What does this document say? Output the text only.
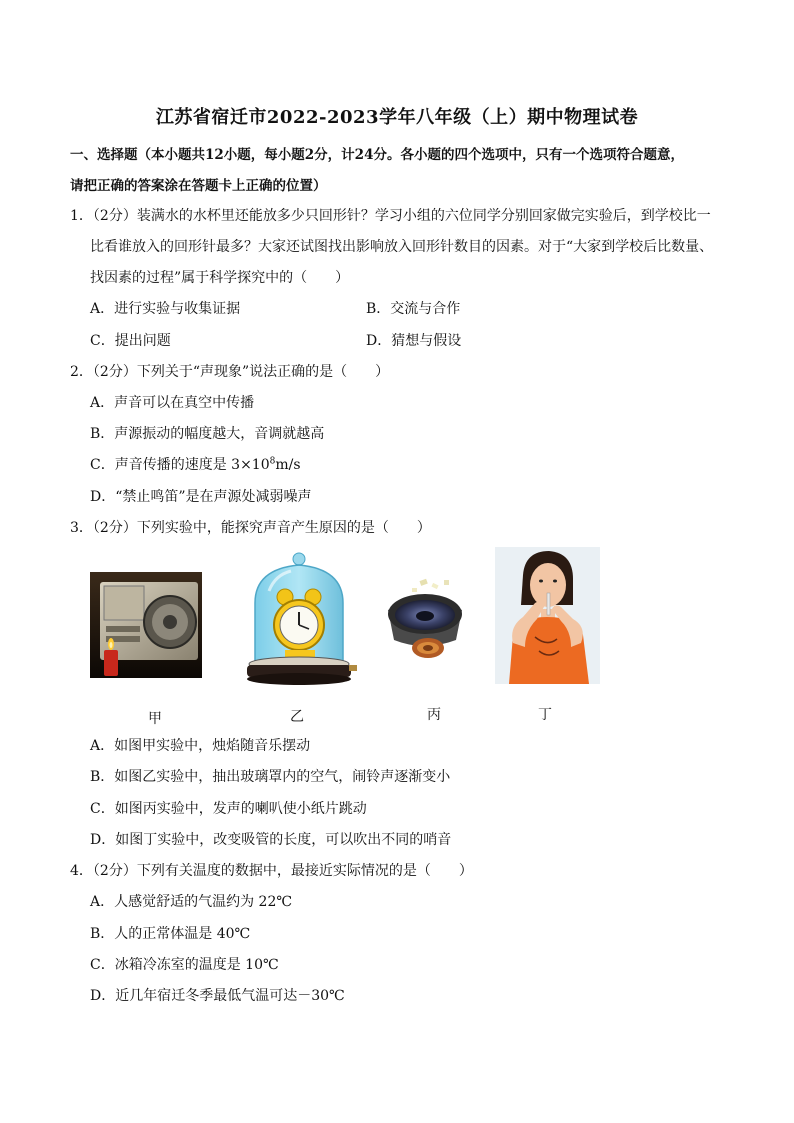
江苏省宿迁市2022-2023学年八年级（上）期中物理试卷
一、选择题（本小题共12小题，每小题2分，计24分。各小题的四个选项中，只有一个选项符合题意，
请把正确的答案涂在答题卡上正确的位置）
1．（2分）装满水的水杯里还能放多少只回形针？学习小组的六位同学分别回家做完实验后，到学校比一
比看谁放入的回形针最多？大家还试图找出影响放入回形针数目的因素。对于“大家到学校后比数量、
找因素的过程”属于科学探究中的（　　）
A．进行实验与收集证据	B．交流与合作
C．提出问题	D．猜想与假设
2．（2分）下列关于“声现象”说法正确的是（　　）
A．声音可以在真空中传播
B．声源振动的幅度越大，音调就越高
C．声音传播的速度是 $3\times 10^8m/s$
D．“禁止鸣笛”是在声源处减弱噪声
3．（2分）下列实验中，能探究声音产生原因的是（　　）
甲	乙	丙	丁
A．如图甲实验中，烛焰随音乐摆动
B．如图乙实验中，抽出玻璃罩内的空气，闹铃声逐渐变小
C．如图丙实验中，发声的喇叭使小纸片跳动
D．如图丁实验中，改变吸管的长度，可以吹出不同的哨音
4．（2分）下列有关温度的数据中，最接近实际情况的是（　　）
A．人感觉舒适的气温约为 22℃
B．人的正常体温是 40℃
C．冰箱冷冻室的温度是 10℃
D．近几年宿迁冬季最低气温可达－30℃
